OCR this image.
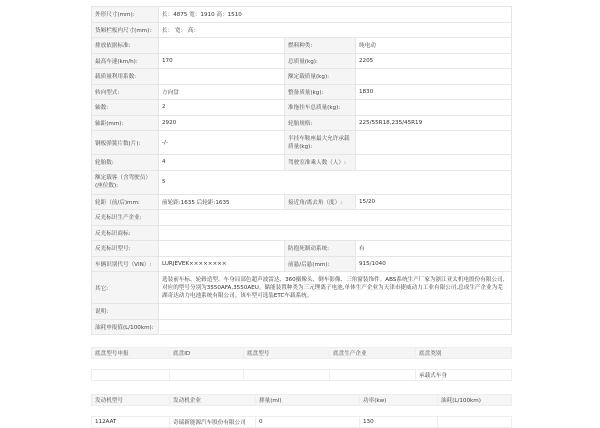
外形尺寸(mm):	长：4875 宽：1910 高：1510		
货厢栏板内尺寸(mm):	长： 宽： 高：		
排放依据标准:		燃料种类:	纯电动
最高车速(km/h):	170	总质量(kg):	2205
载质量利用系数:		额定载质量(kg):	
转向型式:	方向盘	整备质量(kg):	1830
轴数:	2	准拖挂车总质量(kg):	
轴距(mm):	2920	轮胎规格:	225/55R18,235/45R19
钢板弹簧片数(片):	-/-	半挂车鞍座最大允许承载质量(kg):	
轮胎数:	4	驾驶室准乘人数（人）:	
额定载客（含驾驶员）(座位数):	5		
轮距（前/后)mm:	前轮距:1635 后轮距:1635	接近角/离去角（度）:	15/20
反光标识生产企业:			
反光标识商标:			
反光标识型号:		防抱死制动系统:	有
车辆识别代号（VIN）:	LURJEVEK××××××××	前悬/后悬(mm):	915/1040
其它:	选装前车标、轮毂造型、车身局部色超声波雷达、360摄像头、倒车影像、三角窗装饰件。ABS系统生产厂家为浙江亚太机电股份有限公司,对应的型号分别为3550AFA,3550AEU。储能装置种类为三元锂离子电池,单体生产企业为天津市捷威动力工业有限公司,总成生产企业为芜湖奇达动力电池系统有限公司。该车型可选装ETC车载系统。		
说明:			
油耗申报值(L/100km):			
底盘型号申报	底盘ID	底盘型号	底盘生产企业	底盘类别

				承载式车身
发动机型号	发动机企业	排量(ml)	功率(kw)	油耗(L/100km)

112AAT	奇瑞新能源汽车股份有限公司	0	130	
